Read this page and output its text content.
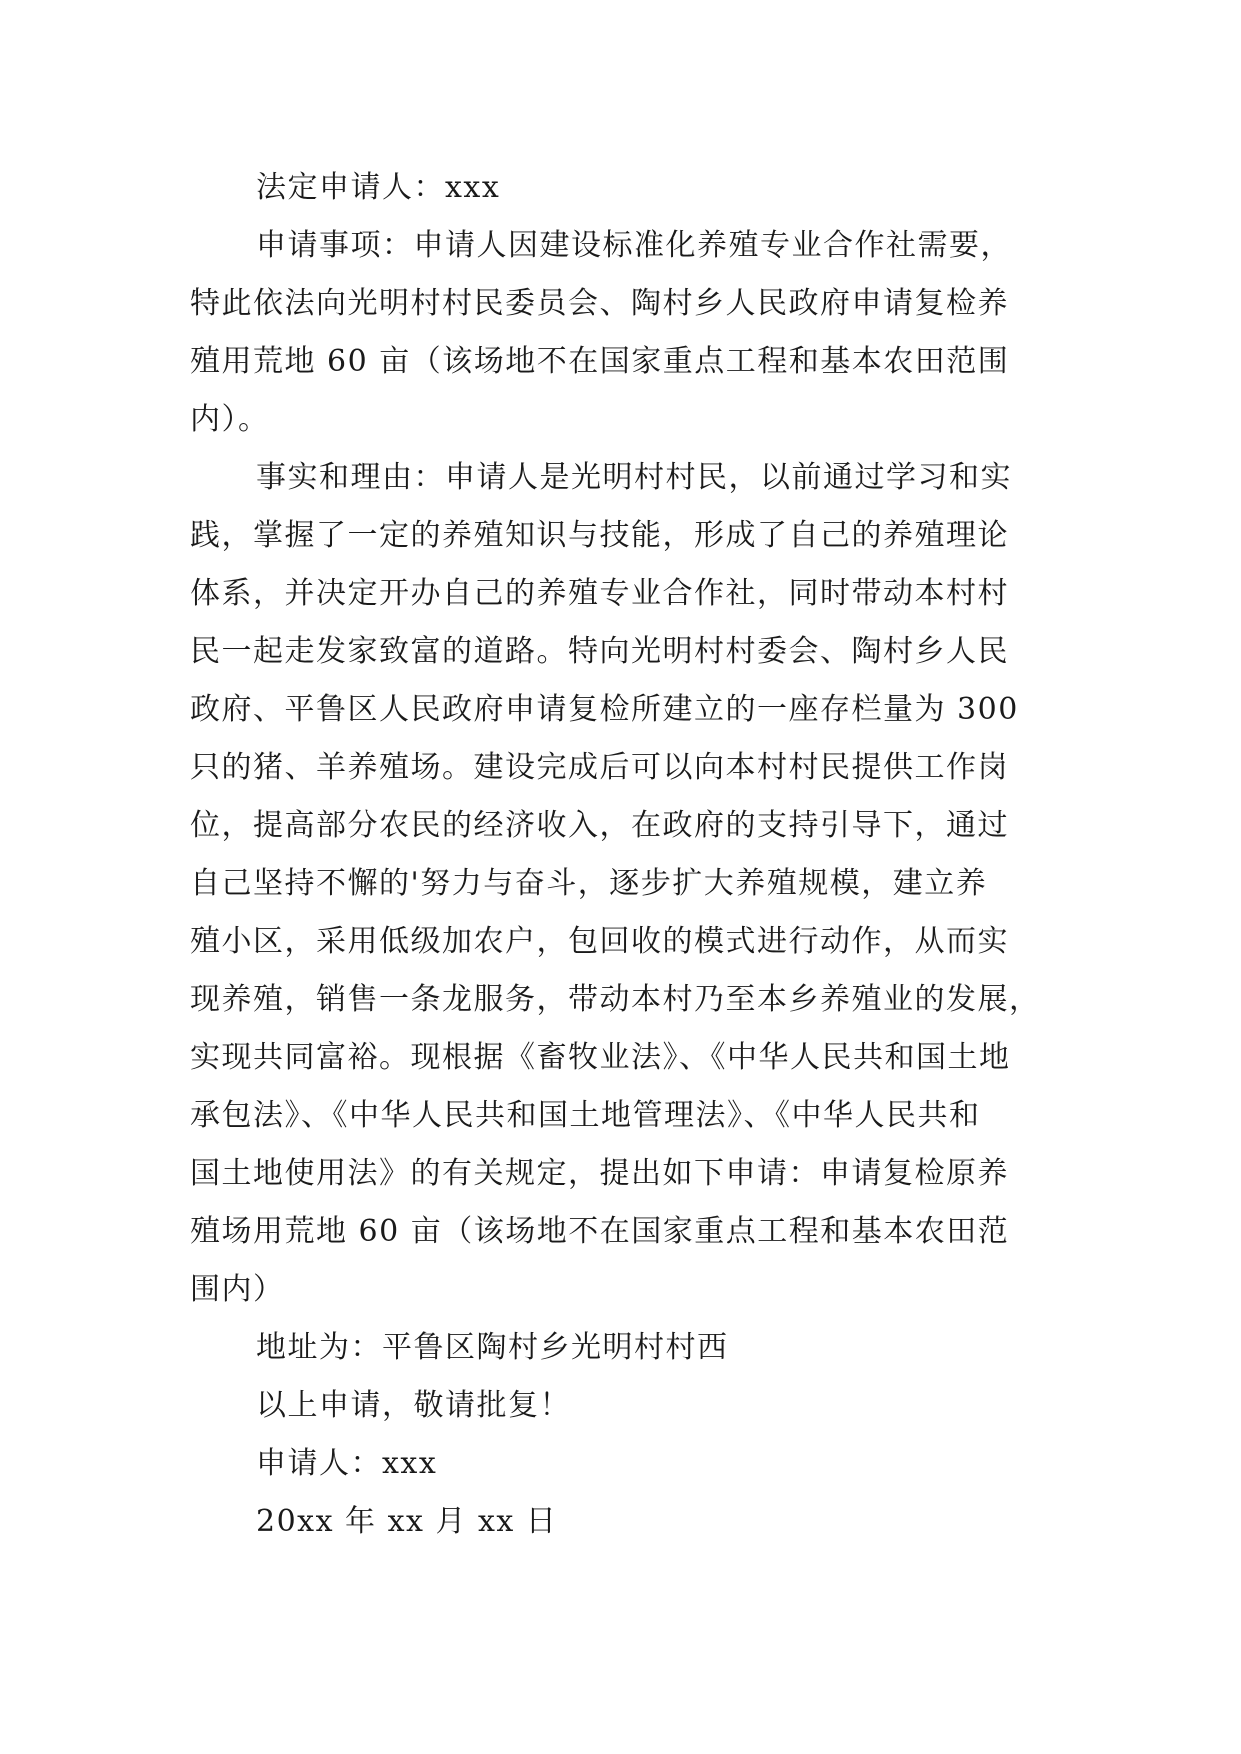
法定申请人：xxx
申请事项：申请人因建设标准化养殖专业合作社需要，
特此依法向光明村村民委员会、陶村乡人民政府申请复检养
殖用荒地 60 亩（该场地不在国家重点工程和基本农田范围
内）。
事实和理由：申请人是光明村村民，以前通过学习和实
践，掌握了一定的养殖知识与技能，形成了自己的养殖理论
体系，并决定开办自己的养殖专业合作社，同时带动本村村
民一起走发家致富的道路。特向光明村村委会、陶村乡人民
政府、平鲁区人民政府申请复检所建立的一座存栏量为 300
只的猪、羊养殖场。建设完成后可以向本村村民提供工作岗
位，提高部分农民的经济收入，在政府的支持引导下，通过
自己坚持不懈的'努力与奋斗，逐步扩大养殖规模，建立养
殖小区，采用低级加农户，包回收的模式进行动作，从而实
现养殖，销售一条龙服务，带动本村乃至本乡养殖业的发展，
实现共同富裕。现根据《畜牧业法》、《中华人民共和国土地
承包法》、《中华人民共和国土地管理法》、《中华人民共和
国土地使用法》的有关规定，提出如下申请：申请复检原养
殖场用荒地 60 亩（该场地不在国家重点工程和基本农田范
围内）
地址为：平鲁区陶村乡光明村村西
以上申请，敬请批复！
申请人：xxx
20xx 年 xx 月 xx 日
